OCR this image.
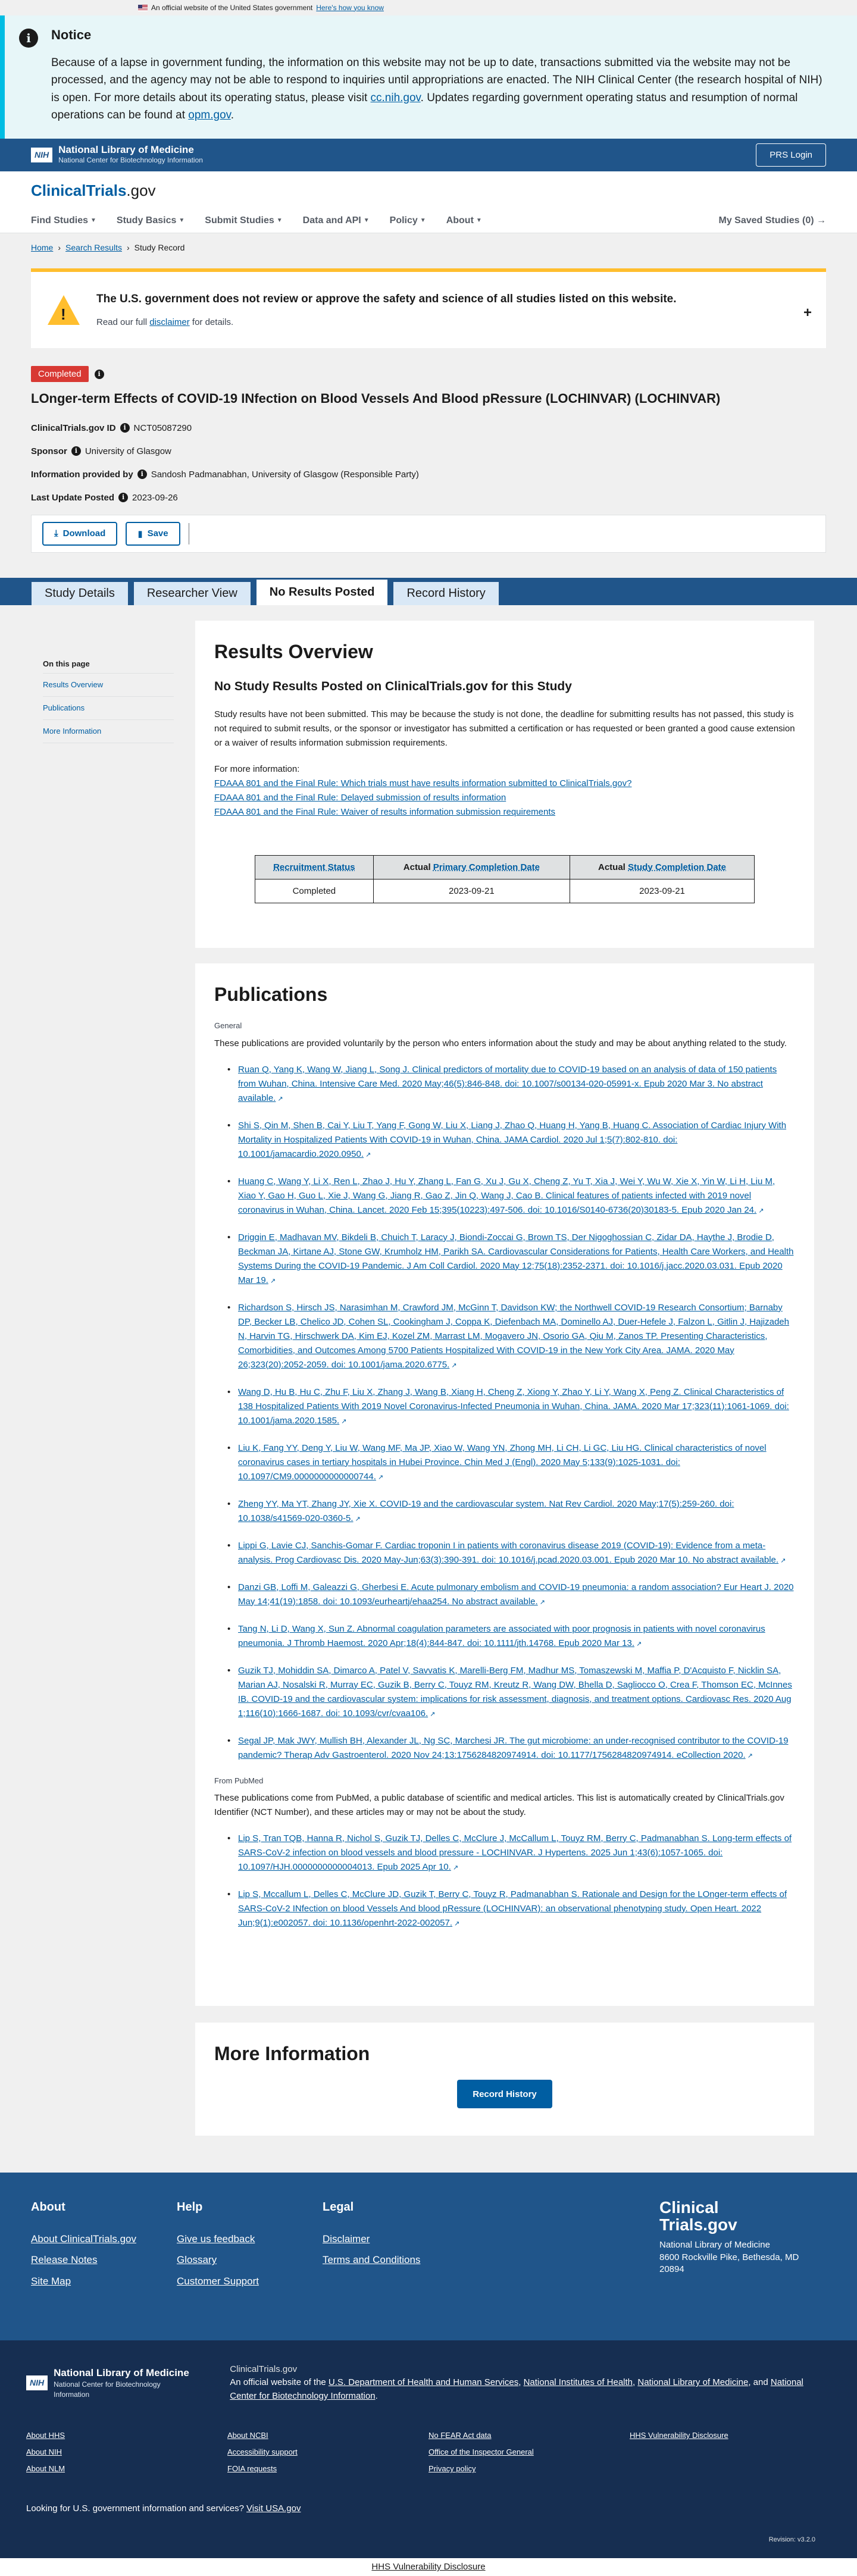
An official website of the United States government Here's how you know
i	Notice

Because of a lapse in government funding, the information on this website may not be up to date, transactions submitted via the website may not be processed, and the agency may not be able to respond to inquiries until appropriations are enacted. The NIH Clinical Center (the research hospital of NIH) is open. For more details about its operating status, please visit cc.nih.gov. Updates regarding government operating status and resumption of normal operations can be found at opm.gov.

NIH National Library of Medicine
National Center for Biotechnology Information
PRS Login
ClinicalTrials.gov
Find Studies ▼ Study Basics ▼ Submit Studies ▼ Data and API ▼ Policy ▼ About ▼	My Saved Studies (0) →
Home › Search Results › Study Record
!
The U.S. government does not review or approve the safety and science of all studies listed on this website.

Read our full disclaimer for details.

+
Completed	i
LOnger-term Effects of COVID-19 INfection on Blood Vessels And Blood pRessure (LOCHINVAR) (LOCHINVAR)
ClinicalTrials.gov ID	i NCT05087290
Sponsor	i University of Glasgow
Information provided by	i Sandosh Padmanabhan, University of Glasgow (Responsible Party)
Last Update Posted	i 2023-09-26
⤓ Download	▮ Save
Study Details	Researcher View	No Results Posted	Record History
On this page
Results Overview
Publications
More Information
Results Overview
No Study Results Posted on ClinicalTrials.gov for this Study

Study results have not been submitted. This may be because the study is not done, the deadline for submitting results has not passed, this study is not required to submit results, or the sponsor or investigator has submitted a certification or has requested or been granted a good cause extension or a waiver of results information submission requirements.

For more information:
FDAAA 801 and the Final Rule: Which trials must have results information submitted to ClinicalTrials.gov?
FDAAA 801 and the Final Rule: Delayed submission of results information
FDAAA 801 and the Final Rule: Waiver of results information submission requirements
Recruitment Status	Actual Primary Completion Date	Actual Study Completion Date
Completed	2023-09-21	2023-09-21
Publications
General

These publications are provided voluntarily by the person who enters information about the study and may be about anything related to the study.

• Ruan Q, Yang K, Wang W, Jiang L, Song J. Clinical predictors of mortality due to COVID-19 based on an analysis of data of 150 patients from Wuhan, China. Intensive Care Med. 2020 May;46(5):846-848. doi: 10.1007/s00134-020-05991-x. Epub 2020 Mar 3. No abstract available. ↗
• Shi S, Qin M, Shen B, Cai Y, Liu T, Yang F, Gong W, Liu X, Liang J, Zhao Q, Huang H, Yang B, Huang C. Association of Cardiac Injury With Mortality in Hospitalized Patients With COVID-19 in Wuhan, China. JAMA Cardiol. 2020 Jul 1;5(7):802-810. doi: 10.1001/jamacardio.2020.0950. ↗
• Huang C, Wang Y, Li X, Ren L, Zhao J, Hu Y, Zhang L, Fan G, Xu J, Gu X, Cheng Z, Yu T, Xia J, Wei Y, Wu W, Xie X, Yin W, Li H, Liu M, Xiao Y, Gao H, Guo L, Xie J, Wang G, Jiang R, Gao Z, Jin Q, Wang J, Cao B. Clinical features of patients infected with 2019 novel coronavirus in Wuhan, China. Lancet. 2020 Feb 15;395(10223):497-506. doi: 10.1016/S0140-6736(20)30183-5. Epub 2020 Jan 24. ↗
• Driggin E, Madhavan MV, Bikdeli B, Chuich T, Laracy J, Biondi-Zoccai G, Brown TS, Der Nigoghossian C, Zidar DA, Haythe J, Brodie D, Beckman JA, Kirtane AJ, Stone GW, Krumholz HM, Parikh SA. Cardiovascular Considerations for Patients, Health Care Workers, and Health Systems During the COVID-19 Pandemic. J Am Coll Cardiol. 2020 May 12;75(18):2352-2371. doi: 10.1016/j.jacc.2020.03.031. Epub 2020 Mar 19. ↗
• Richardson S, Hirsch JS, Narasimhan M, Crawford JM, McGinn T, Davidson KW; the Northwell COVID-19 Research Consortium; Barnaby DP, Becker LB, Chelico JD, Cohen SL, Cookingham J, Coppa K, Diefenbach MA, Dominello AJ, Duer-Hefele J, Falzon L, Gitlin J, Hajizadeh N, Harvin TG, Hirschwerk DA, Kim EJ, Kozel ZM, Marrast LM, Mogavero JN, Osorio GA, Qiu M, Zanos TP. Presenting Characteristics, Comorbidities, and Outcomes Among 5700 Patients Hospitalized With COVID-19 in the New York City Area. JAMA. 2020 May 26;323(20):2052-2059. doi: 10.1001/jama.2020.6775. ↗
• Wang D, Hu B, Hu C, Zhu F, Liu X, Zhang J, Wang B, Xiang H, Cheng Z, Xiong Y, Zhao Y, Li Y, Wang X, Peng Z. Clinical Characteristics of 138 Hospitalized Patients With 2019 Novel Coronavirus-Infected Pneumonia in Wuhan, China. JAMA. 2020 Mar 17;323(11):1061-1069. doi: 10.1001/jama.2020.1585. ↗
• Liu K, Fang YY, Deng Y, Liu W, Wang MF, Ma JP, Xiao W, Wang YN, Zhong MH, Li CH, Li GC, Liu HG. Clinical characteristics of novel coronavirus cases in tertiary hospitals in Hubei Province. Chin Med J (Engl). 2020 May 5;133(9):1025-1031. doi: 10.1097/CM9.0000000000000744. ↗
• Zheng YY, Ma YT, Zhang JY, Xie X. COVID-19 and the cardiovascular system. Nat Rev Cardiol. 2020 May;17(5):259-260. doi: 10.1038/s41569-020-0360-5. ↗
• Lippi G, Lavie CJ, Sanchis-Gomar F. Cardiac troponin I in patients with coronavirus disease 2019 (COVID-19): Evidence from a meta-analysis. Prog Cardiovasc Dis. 2020 May-Jun;63(3):390-391. doi: 10.1016/j.pcad.2020.03.001. Epub 2020 Mar 10. No abstract available. ↗
• Danzi GB, Loffi M, Galeazzi G, Gherbesi E. Acute pulmonary embolism and COVID-19 pneumonia: a random association? Eur Heart J. 2020 May 14;41(19):1858. doi: 10.1093/eurheartj/ehaa254. No abstract available. ↗
• Tang N, Li D, Wang X, Sun Z. Abnormal coagulation parameters are associated with poor prognosis in patients with novel coronavirus pneumonia. J Thromb Haemost. 2020 Apr;18(4):844-847. doi: 10.1111/jth.14768. Epub 2020 Mar 13. ↗
• Guzik TJ, Mohiddin SA, Dimarco A, Patel V, Savvatis K, Marelli-Berg FM, Madhur MS, Tomaszewski M, Maffia P, D'Acquisto F, Nicklin SA, Marian AJ, Nosalski R, Murray EC, Guzik B, Berry C, Touyz RM, Kreutz R, Wang DW, Bhella D, Sagliocco O, Crea F, Thomson EC, McInnes IB. COVID-19 and the cardiovascular system: implications for risk assessment, diagnosis, and treatment options. Cardiovasc Res. 2020 Aug 1;116(10):1666-1687. doi: 10.1093/cvr/cvaa106. ↗
• Segal JP, Mak JWY, Mullish BH, Alexander JL, Ng SC, Marchesi JR. The gut microbiome: an under-recognised contributor to the COVID-19 pandemic? Therap Adv Gastroenterol. 2020 Nov 24;13:1756284820974914. doi: 10.1177/1756284820974914. eCollection 2020. ↗
From PubMed

These publications come from PubMed, a public database of scientific and medical articles. This list is automatically created by ClinicalTrials.gov Identifier (NCT Number), and these articles may or may not be about the study.

• Lip S, Tran TQB, Hanna R, Nichol S, Guzik TJ, Delles C, McClure J, McCallum L, Touyz RM, Berry C, Padmanabhan S. Long-term effects of SARS-CoV-2 infection on blood vessels and blood pressure - LOCHINVAR. J Hypertens. 2025 Jun 1;43(6):1057-1065. doi: 10.1097/HJH.0000000000004013. Epub 2025 Apr 10. ↗
• Lip S, Mccallum L, Delles C, McClure JD, Guzik T, Berry C, Touyz R, Padmanabhan S. Rationale and Design for the LOnger-term effects of SARS-CoV-2 INfection on blood Vessels And blood pRessure (LOCHINVAR): an observational phenotyping study. Open Heart. 2022 Jun;9(1):e002057. doi: 10.1136/openhrt-2022-002057. ↗
More Information
Record History
About
About ClinicalTrials.gov
Release Notes
Site Map
Help
Give us feedback
Glossary
Customer Support
Legal
Disclaimer
Terms and Conditions
Clinical
Trials.gov
National Library of Medicine
8600 Rockville Pike, Bethesda, MD 20894
NIH
National Library of Medicine
National Center for Biotechnology Information
ClinicalTrials.gov
An official website of the U.S. Department of Health and Human Services, National Institutes of Health, National Library of Medicine, and National Center for Biotechnology Information.
About HHS
About NIH
About NLM
About NCBI
Accessibility support
FOIA requests
No FEAR Act data
Office of the Inspector General
Privacy policy
HHS Vulnerability Disclosure
Looking for U.S. government information and services? Visit USA.gov
Revision: v3.2.0
HHS Vulnerability Disclosure
